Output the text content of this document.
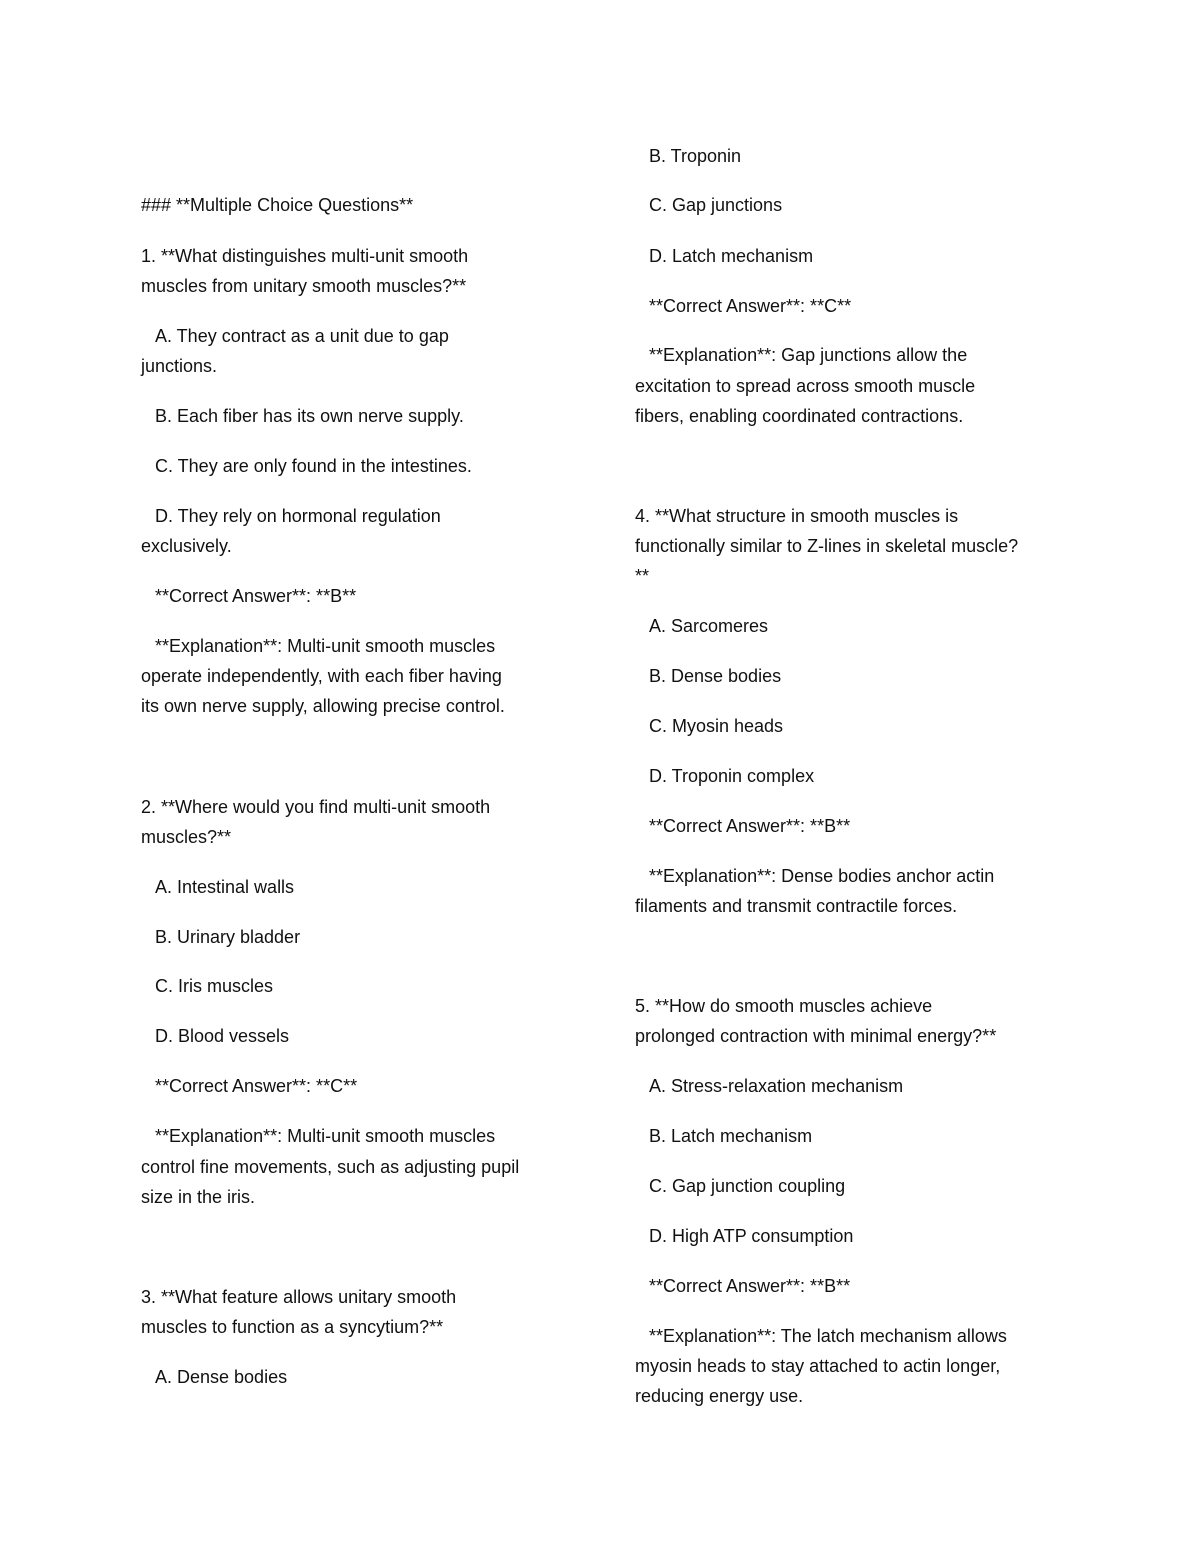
### **Multiple Choice Questions**
1. **What distinguishes multi-unit smooth
muscles from unitary smooth muscles?**
A. They contract as a unit due to gap
junctions.
B. Each fiber has its own nerve supply.
C. They are only found in the intestines.
D. They rely on hormonal regulation
exclusively.
**Correct Answer**: **B**
**Explanation**: Multi-unit smooth muscles
operate independently, with each fiber having
its own nerve supply, allowing precise control.
2. **Where would you find multi-unit smooth
muscles?**
A. Intestinal walls
B. Urinary bladder
C. Iris muscles
D. Blood vessels
**Correct Answer**: **C**
**Explanation**: Multi-unit smooth muscles
control fine movements, such as adjusting pupil
size in the iris.
3. **What feature allows unitary smooth
muscles to function as a syncytium?**
A. Dense bodies
B. Troponin
C. Gap junctions
D. Latch mechanism
**Correct Answer**: **C**
**Explanation**: Gap junctions allow the
excitation to spread across smooth muscle
fibers, enabling coordinated contractions.
4. **What structure in smooth muscles is
functionally similar to Z-lines in skeletal muscle?
**
A. Sarcomeres
B. Dense bodies
C. Myosin heads
D. Troponin complex
**Correct Answer**: **B**
**Explanation**: Dense bodies anchor actin
filaments and transmit contractile forces.
5. **How do smooth muscles achieve
prolonged contraction with minimal energy?**
A. Stress-relaxation mechanism
B. Latch mechanism
C. Gap junction coupling
D. High ATP consumption
**Correct Answer**: **B**
**Explanation**: The latch mechanism allows
myosin heads to stay attached to actin longer,
reducing energy use.
